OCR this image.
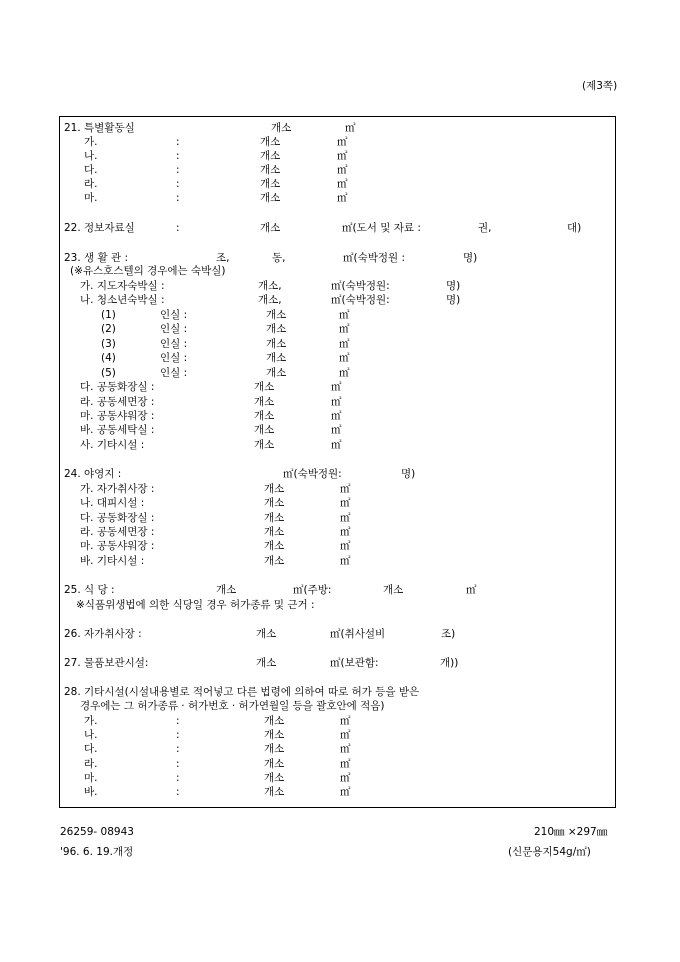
(제3쪽)
21. 특별활동실	개소	㎡
가.	:	개소	㎡
나.	:	개소	㎡
다.	:	개소	㎡
라.	:	개소	㎡
마.	:	개소	㎡
22. 정보자료실	:	개소	㎡(도서 및 자료 :	권,	대)
23. 생 활 관 :	조,	동,	㎡(숙박정원 :	명)
(※유스호스텔의 경우에는 숙박실)
가. 지도자숙박실 :	개소,	㎡(숙박정원:	명)
나. 청소년숙박실 :	개소,	㎡(숙박정원:	명)
(1)	인실 :	개소	㎡
(2)	인실 :	개소	㎡
(3)	인실 :	개소	㎡
(4)	인실 :	개소	㎡
(5)	인실 :	개소	㎡
다. 공동화장실 :	개소	㎡
라. 공동세면장 :	개소	㎡
마. 공동샤워장 :	개소	㎡
바. 공동세탁실 :	개소	㎡
사. 기타시설 :	개소	㎡
24. 야영지 :	㎡(숙박정원:	명)
가. 자가취사장 :	개소	㎡
나. 대피시설 :	개소	㎡
다. 공동화장실 :	개소	㎡
라. 공동세면장 :	개소	㎡
마. 공동샤워장 :	개소	㎡
바. 기타시설 :	개소	㎡
25. 식 당 :	개소	㎡(주방:	개소	㎡
※식품위생법에 의한 식당일 경우 허가종류 및 근거 :
26. 자가취사장 :	개소	㎡(취사설비	조)
27. 물품보관시설:	개소	㎡(보관함:	개))
28. 기타시설(시설내용별로 적어넣고 다른 법령에 의하여 따로 허가 등을 받은
경우에는 그 허가종류 · 허가번호 · 허가연월일 등을 괄호안에 적음)
가.	:	개소	㎡
나.	:	개소	㎡
다.	:	개소	㎡
라.	:	개소	㎡
마.	:	개소	㎡
바.	:	개소	㎡
26259- 08943
'96. 6. 19.개정
210㎜ ×297㎜
(신문용지54g/㎡)
